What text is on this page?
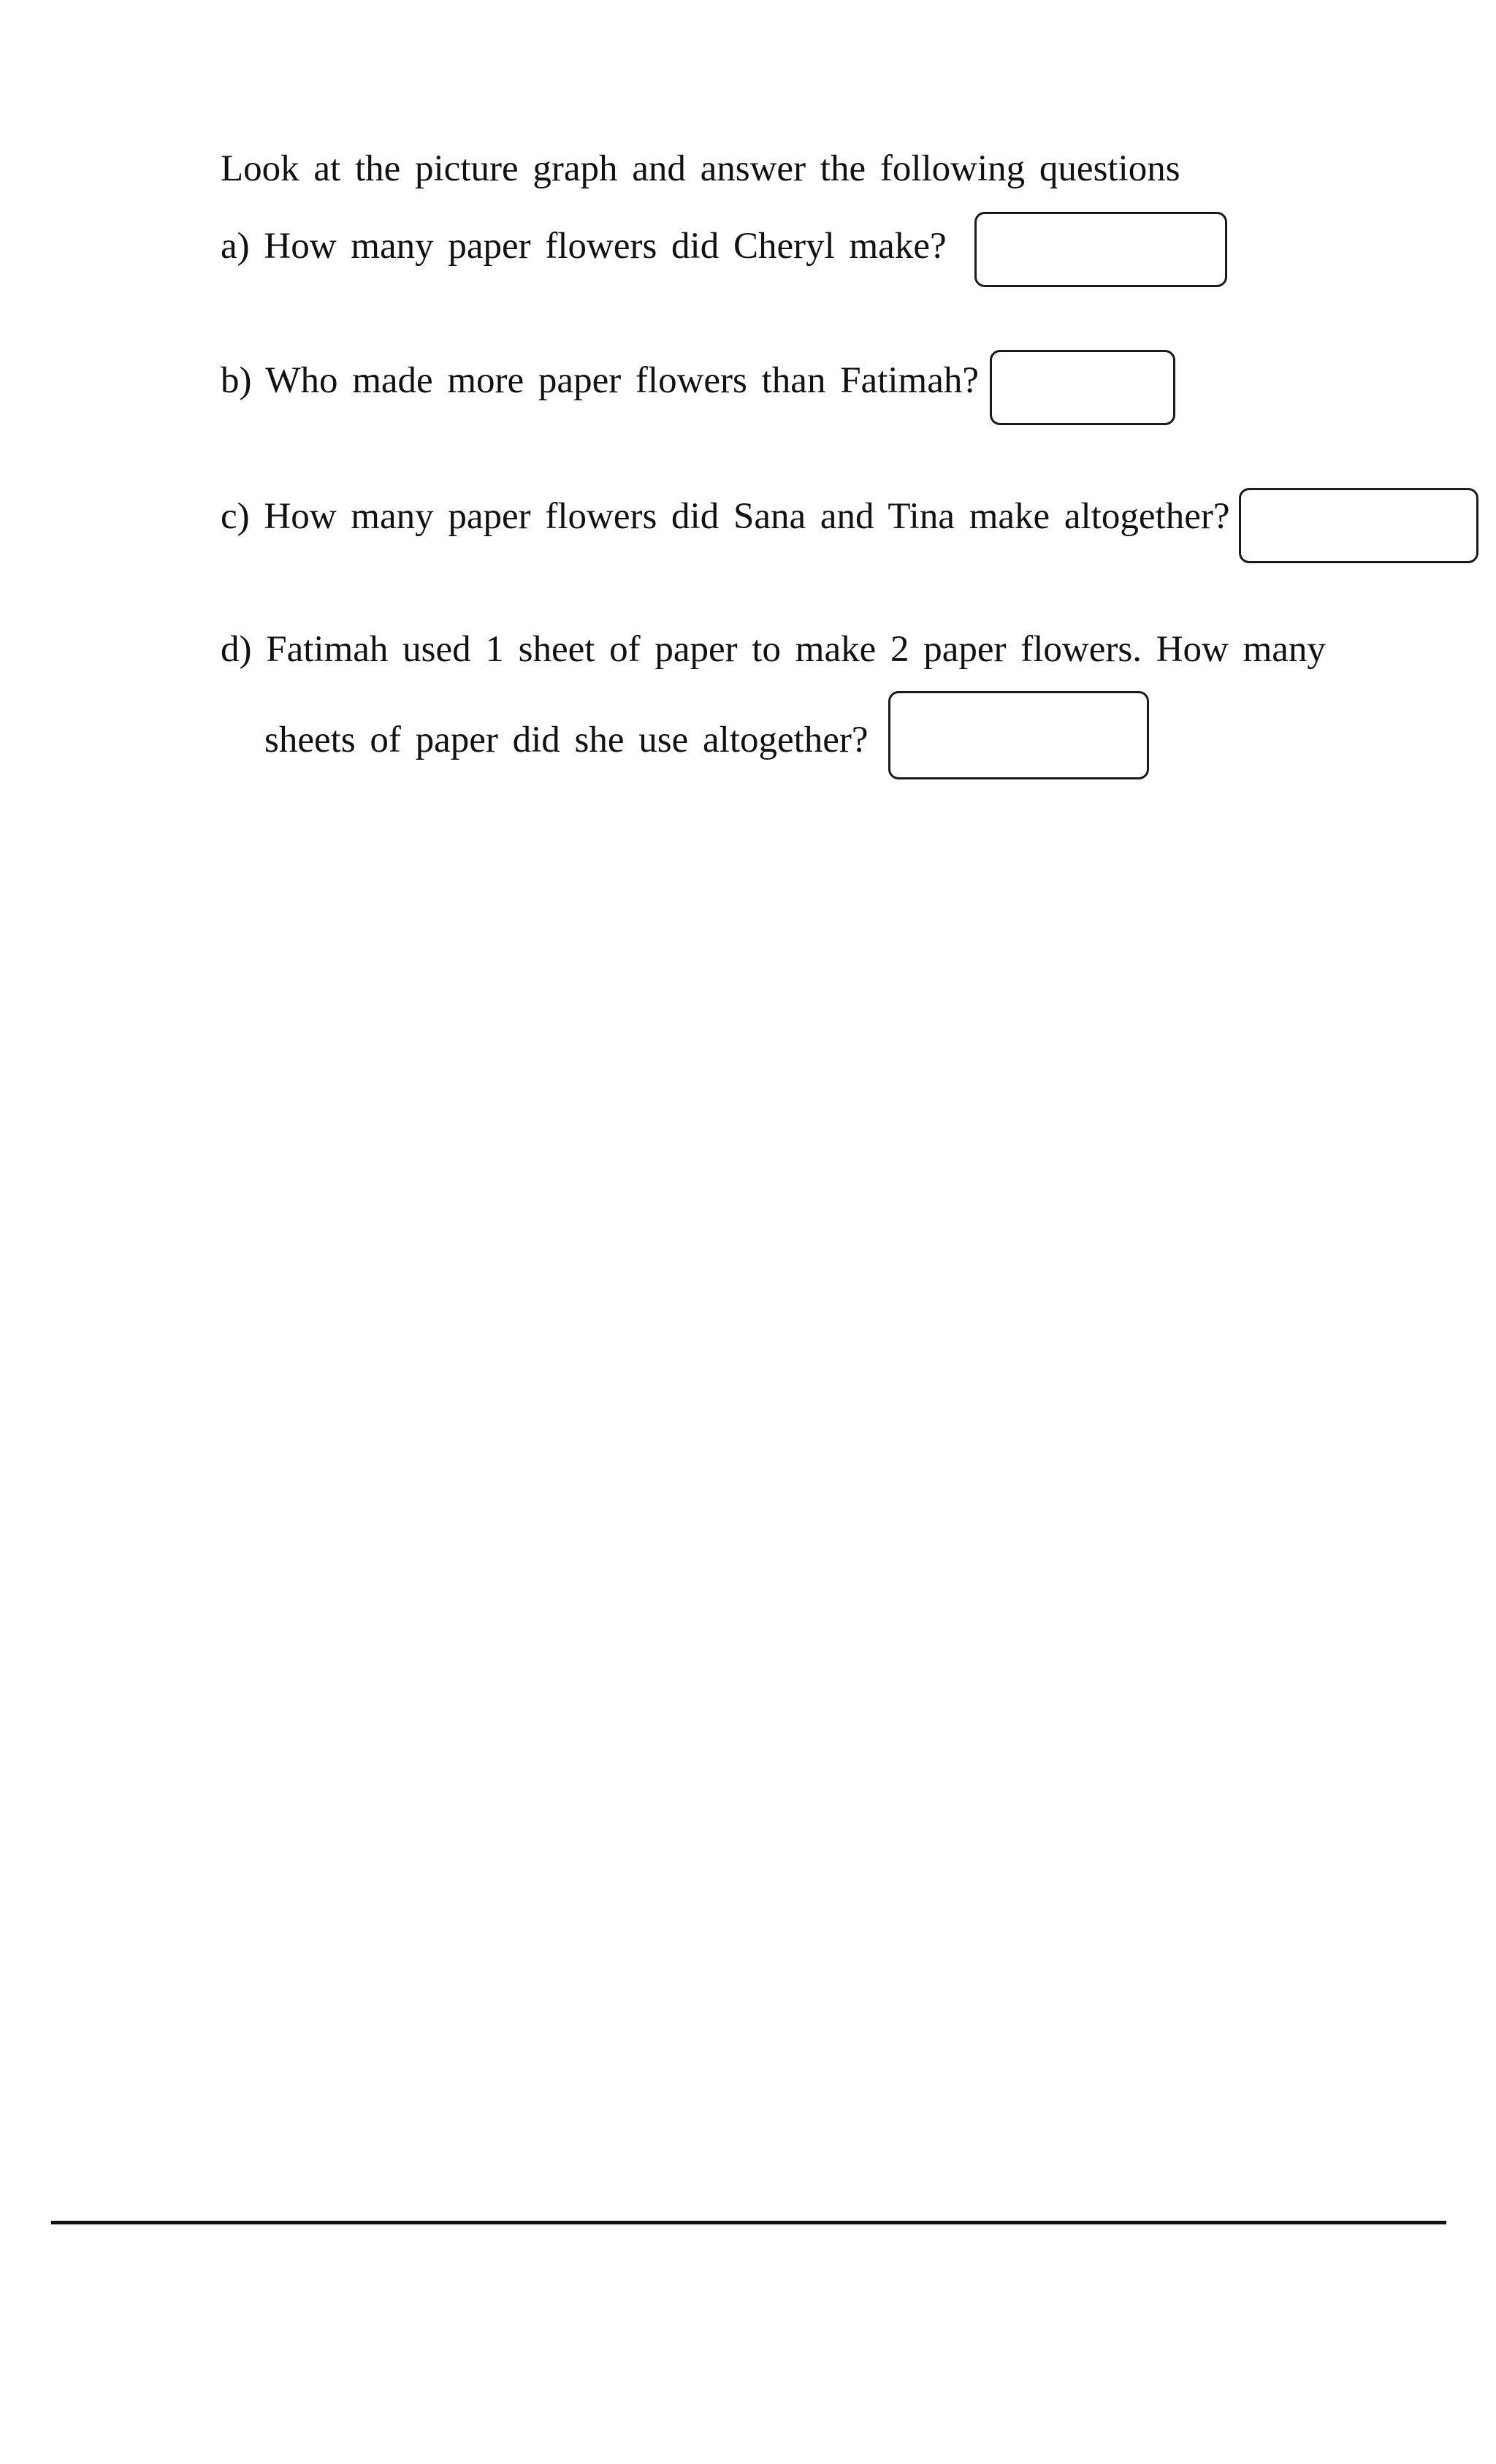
Look at the picture graph and answer the following questions
a) How many paper flowers did Cheryl make?
b) Who made more paper flowers than Fatimah?
c) How many paper flowers did Sana and Tina make altogether?
d) Fatimah used 1 sheet of paper to make 2 paper flowers. How many
sheets of paper did she use altogether?
